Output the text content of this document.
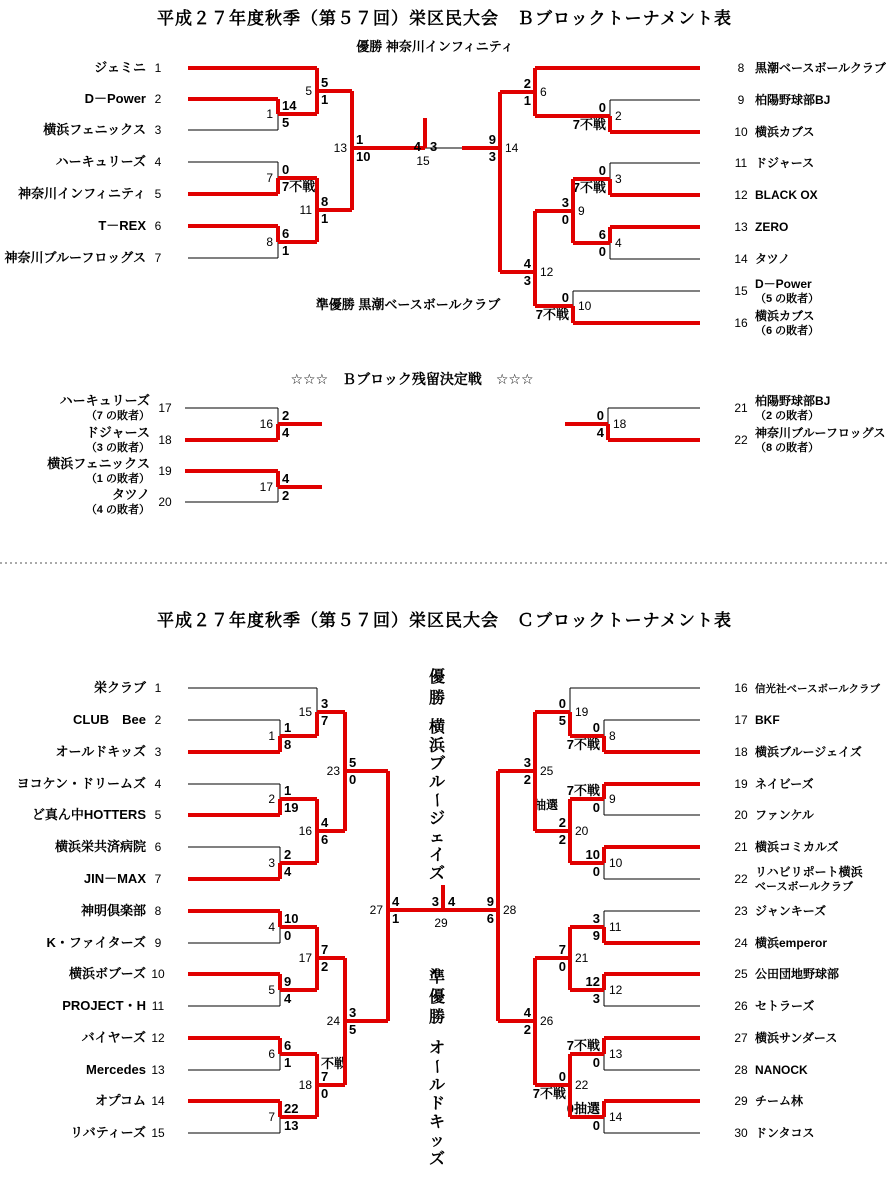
平成２７年度秋季（第５７回）栄区民大会　Ｂブロックトーナメント表
優勝 神奈川インフィニティ
準優勝 黒潮ベースボールクラブ
☆☆☆　Ｂブロック残留決定戦　☆☆☆
平成２７年度秋季（第５７回）栄区民大会　Ｃブロックトーナメント表
ジェミニ 1
D－Power 2
横浜フェニックス 3
ハーキュリーズ 4
神奈川インフィニティ 5
T－REX 6
神奈川ブルーフロッグス 7
黒潮ベースボールクラブ
8
柏陽野球部BJ
9
横浜カブス
10
ドジャース
11
BLACK OX
12
ZERO
13
タツノ
14
D－Power
（5 の敗者）
15
横浜カブス
（6 の敗者）
16
14
5
1	0
7不戦
2
0
7不戦
3
6
0
4
5
1
5	2
1
6
0
7不戦
7
6
1
8
3
0
9
0
7不戦
10
8
1
11
4
3
12
1
10
13
9
3
14
4 3
15
ハーキュリーズ
（7 の敗者）
17
ドジャース
（3 の敗者）
18
横浜フェニックス
（1 の敗者）
19
タツノ
（4 の敗者）
20
柏陽野球部BJ
（2 の敗者）
21
神奈川ブルーフロッグス
（8 の敗者）
22
2
4
16
4
2
17
0
4
18
栄クラブ 1
CLUB　Bee 2
オールドキッズ 3
ヨコケン・ドリームズ 4
ど真ん中HOTTERS 5
横浜栄共済病院 6
JIN－MAX 7
神明倶楽部 8
K・ファイターズ 9
横浜ボブーズ 10
PROJECT・H 11
バイヤーズ 12
Mercedes 13
オプコム 14
リバティーズ 15
信光社ベースボールクラブ
16
BKF
17
横浜ブルージェイズ
18
ネイビーズ
19
ファンケル
20
横浜コミカルズ
21
リハビリポート横浜
ベースボールクラブ
22
ジャンキーズ
23
横浜emperor
24
公田団地野球部
25
セトラーズ
26
横浜サンダース
27
NANOCK
28
チーム林
29
ドンタコス
30
1
8
1
1
19
2
2
4
3
10
0
4
9
4
5
6
1
6
22
13
7
0
7不戦
8
7不戦
0
9
10
0
10
3
9
11
12
3
12
7不戦
0
13
0抽選
0
14
3
7
15
4
6
16
7
2
17
不戦
7
0
18
0
5
19
2
2
抽選
20
7
0
21
0
7不戦
22
5
0
23
3
5
24
3
2
25
4
2
26
4
1
27
9
6
28
3 4
29
優
勝
横
浜
ブ
ル
ー
ジ
ェ
イ
ズ
準
優
勝
オ
ー
ル
ド
キ
ッ
ズ
